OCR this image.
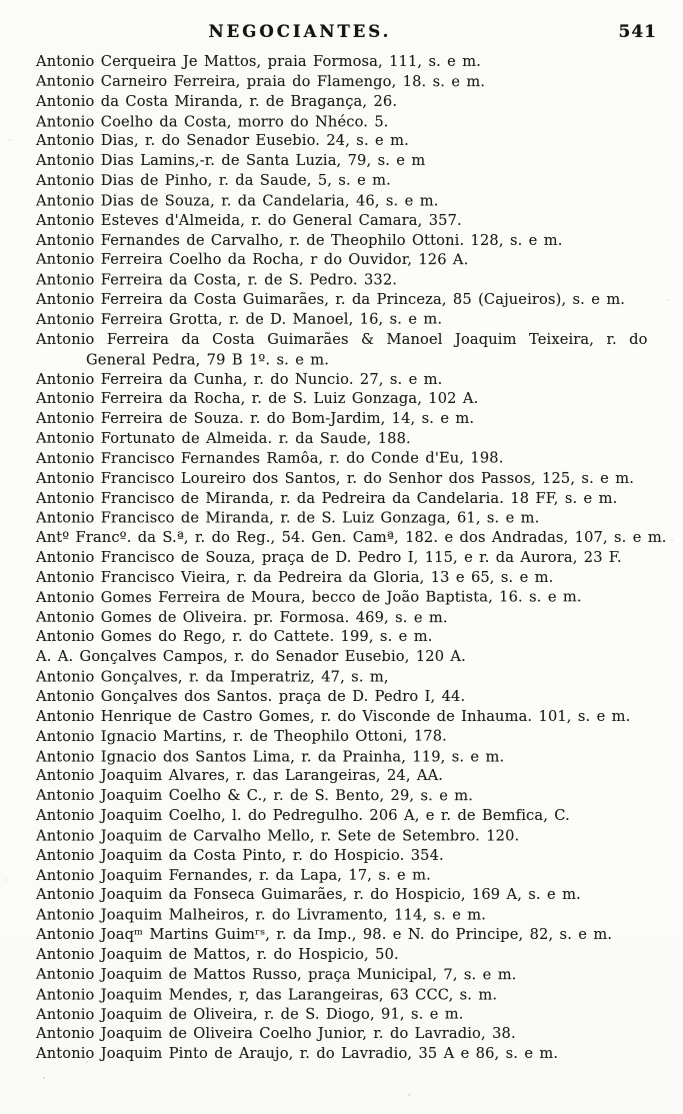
NEGOCIANTES.	541
Antonio Cerqueira Je Mattos, praia Formosa, 111, s. e m.
Antonio Carneiro Ferreira, praia do Flamengo, 18. s. e m.
Antonio da Costa Miranda, r. de Bragança, 26.
Antonio Coelho da Costa, morro do Nhéco. 5.
Antonio Dias, r. do Senador Eusebio. 24, s. e m.
Antonio Dias Lamins,-r. de Santa Luzia, 79, s. e m
Antonio Dias de Pinho, r. da Saude, 5, s. e m.
Antonio Dias de Souza, r. da Candelaria, 46, s. e m.
Antonio Esteves d'Almeida, r. do General Camara, 357.
Antonio Fernandes de Carvalho, r. de Theophilo Ottoni. 128, s. e m.
Antonio Ferreira Coelho da Rocha, r do Ouvidor, 126 A.
Antonio Ferreira da Costa, r. de S. Pedro. 332.
Antonio Ferreira da Costa Guimarães, r. da Princeza, 85 (Cajueiros), s. e m.
Antonio Ferreira Grotta, r. de D. Manoel, 16, s. e m.
Antonio Ferreira da Costa Guimarães & Manoel Joaquim Teixeira, r. do
General Pedra, 79 B 1º. s. e m.
Antonio Ferreira da Cunha, r. do Nuncio. 27, s. e m.
Antonio Ferreira da Rocha, r. de S. Luiz Gonzaga, 102 A.
Antonio Ferreira de Souza. r. do Bom-Jardim, 14, s. e m.
Antonio Fortunato de Almeida. r. da Saude, 188.
Antonio Francisco Fernandes Ramôa, r. do Conde d'Eu, 198.
Antonio Francisco Loureiro dos Santos, r. do Senhor dos Passos, 125, s. e m.
Antonio Francisco de Miranda, r. da Pedreira da Candelaria. 18 FF, s. e m.
Antonio Francisco de Miranda, r. de S. Luiz Gonzaga, 61, s. e m.
Antº Francº. da S.ª, r. do Reg., 54. Gen. Camª, 182. e dos Andradas, 107, s. e m.
Antonio Francisco de Souza, praça de D. Pedro I, 115, e r. da Aurora, 23 F.
Antonio Francisco Vieira, r. da Pedreira da Gloria, 13 e 65, s. e m.
Antonio Gomes Ferreira de Moura, becco de João Baptista, 16. s. e m.
Antonio Gomes de Oliveira. pr. Formosa. 469, s. e m.
Antonio Gomes do Rego, r. do Cattete. 199, s. e m.
A. A. Gonçalves Campos, r. do Senador Eusebio, 120 A.
Antonio Gonçalves, r. da Imperatriz, 47, s. m,
Antonio Gonçalves dos Santos. praça de D. Pedro I, 44.
Antonio Henrique de Castro Gomes, r. do Visconde de Inhauma. 101, s. e m.
Antonio Ignacio Martins, r. de Theophilo Ottoni, 178.
Antonio Ignacio dos Santos Lima, r. da Prainha, 119, s. e m.
Antonio Joaquim Alvares, r. das Larangeiras, 24, AA.
Antonio Joaquim Coelho & C., r. de S. Bento, 29, s. e m.
Antonio Joaquim Coelho, l. do Pedregulho. 206 A, e r. de Bemfica, C.
Antonio Joaquim de Carvalho Mello, r. Sete de Setembro. 120.
Antonio Joaquim da Costa Pinto, r. do Hospicio. 354.
Antonio Joaquim Fernandes, r. da Lapa, 17, s. e m.
Antonio Joaquim da Fonseca Guimarães, r. do Hospicio, 169 A, s. e m.
Antonio Joaquim Malheiros, r. do Livramento, 114, s. e m.
Antonio Joaqᵐ Martins Guimʳˢ, r. da Imp., 98. e N. do Principe, 82, s. e m.
Antonio Joaquim de Mattos, r. do Hospicio, 50.
Antonio Joaquim de Mattos Russo, praça Municipal, 7, s. e m.
Antonio Joaquim Mendes, r, das Larangeiras, 63 CCC, s. m.
Antonio Joaquim de Oliveira, r. de S. Diogo, 91, s. e m.
Antonio Joaquim de Oliveira Coelho Junior, r. do Lavradio, 38.
Antonio Joaquim Pinto de Araujo, r. do Lavradio, 35 A e 86, s. e m.
